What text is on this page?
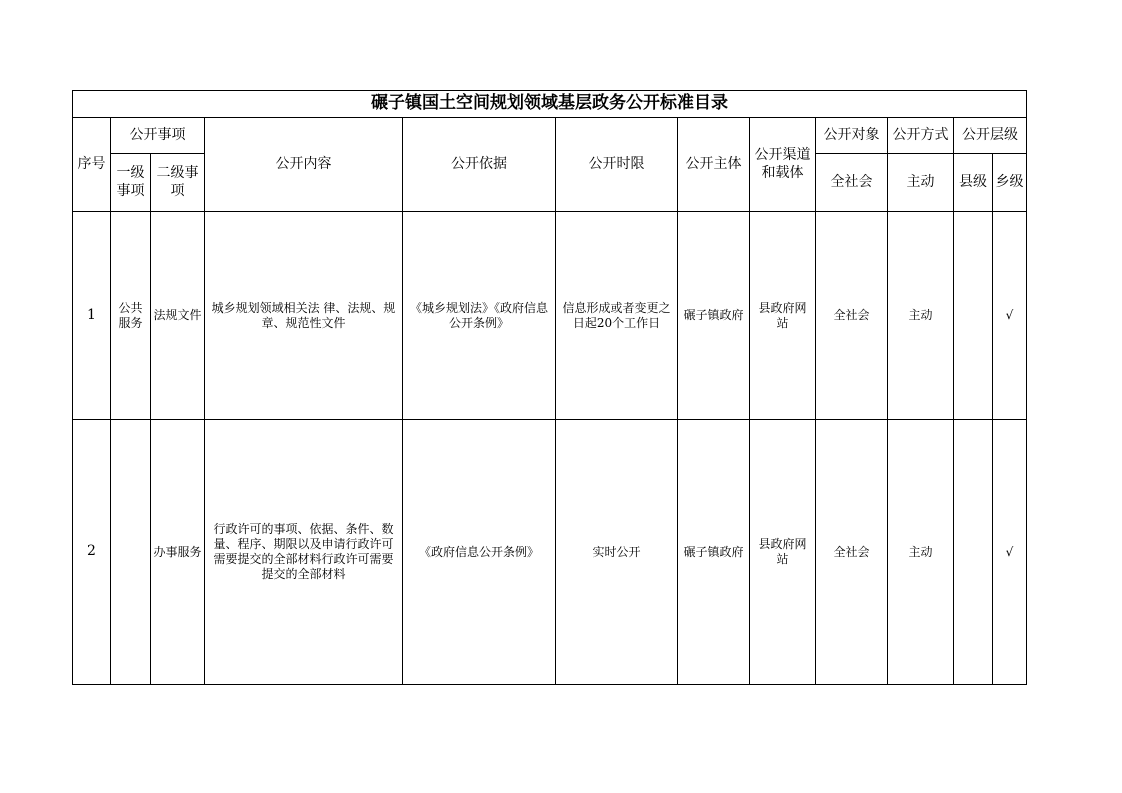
碾子镇国土空间规划领域基层政务公开标准目录											
序号	公开事项		公开内容	公开依据	公开时限	公开主体	公开渠道和载体	公开对象	公开方式	公开层级	
	一级事项	二级事项						全社会	主动	县级	乡级
1	公共服务	法规文件	城乡规划领域相关法 律、法规、规章、规范性文件	《城乡规划法》《政府信息公开条例》	信息形成或者变更之日起20个工作日	碾子镇政府	县政府网站	全社会	主动		√
2		办事服务	行政许可的事项、依据、条件、数量、程序、期限以及申请行政许可需要提交的全部材料行政许可需要提交的全部材料	《政府信息公开条例》	实时公开	碾子镇政府	县政府网站	全社会	主动		√
